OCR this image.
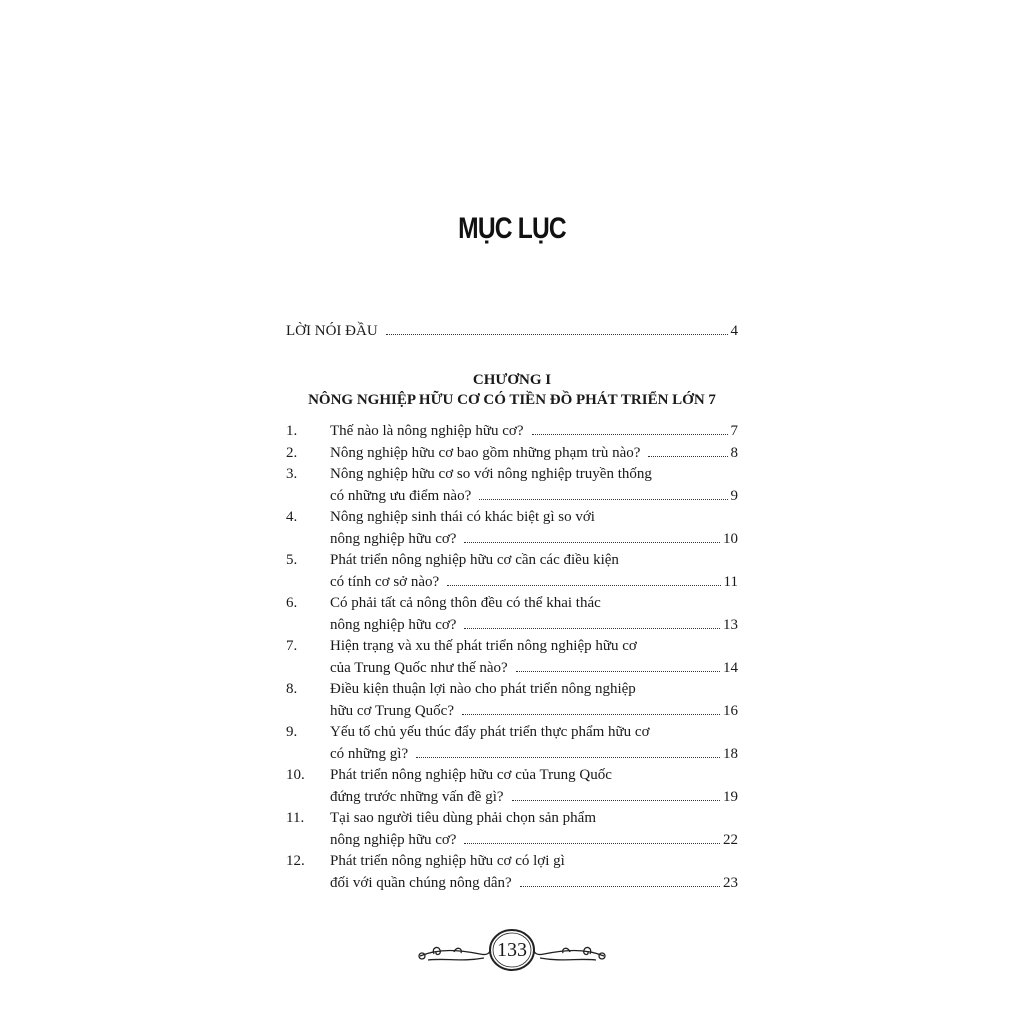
MỤC LỤC
LỜI NÓI ĐẦU	4
CHƯƠNG I
NÔNG NGHIỆP HỮU CƠ CÓ TIỀN ĐỒ PHÁT TRIỂN LỚN 7
1.	Thế nào là nông nghiệp hữu cơ?	7
2.	Nông nghiệp hữu cơ bao gồm những phạm trù nào?	8
3.	Nông nghiệp hữu cơ so với nông nghiệp truyền thống
có những ưu điểm nào?	9
4.	Nông nghiệp sinh thái có khác biệt gì so với
nông nghiệp hữu cơ?	10
5.	Phát triển nông nghiệp hữu cơ cần các điều kiện
có tính cơ sở nào?	11
6.	Có phải tất cả nông thôn đều có thể khai thác
nông nghiệp hữu cơ?	13
7.	Hiện trạng và xu thế phát triển nông nghiệp hữu cơ
của Trung Quốc như thế nào?	14
8.	Điều kiện thuận lợi nào cho phát triển nông nghiệp
hữu cơ Trung Quốc?	16
9.	Yếu tố chủ yếu thúc đẩy phát triển thực phẩm hữu cơ
có những gì?	18
10.	Phát triển nông nghiệp hữu cơ của Trung Quốc
đứng trước những vấn đề gì?	19
11.	Tại sao người tiêu dùng phải chọn sản phẩm
nông nghiệp hữu cơ?	22
12.	Phát triển nông nghiệp hữu cơ có lợi gì
đối với quần chúng nông dân?	23
133
